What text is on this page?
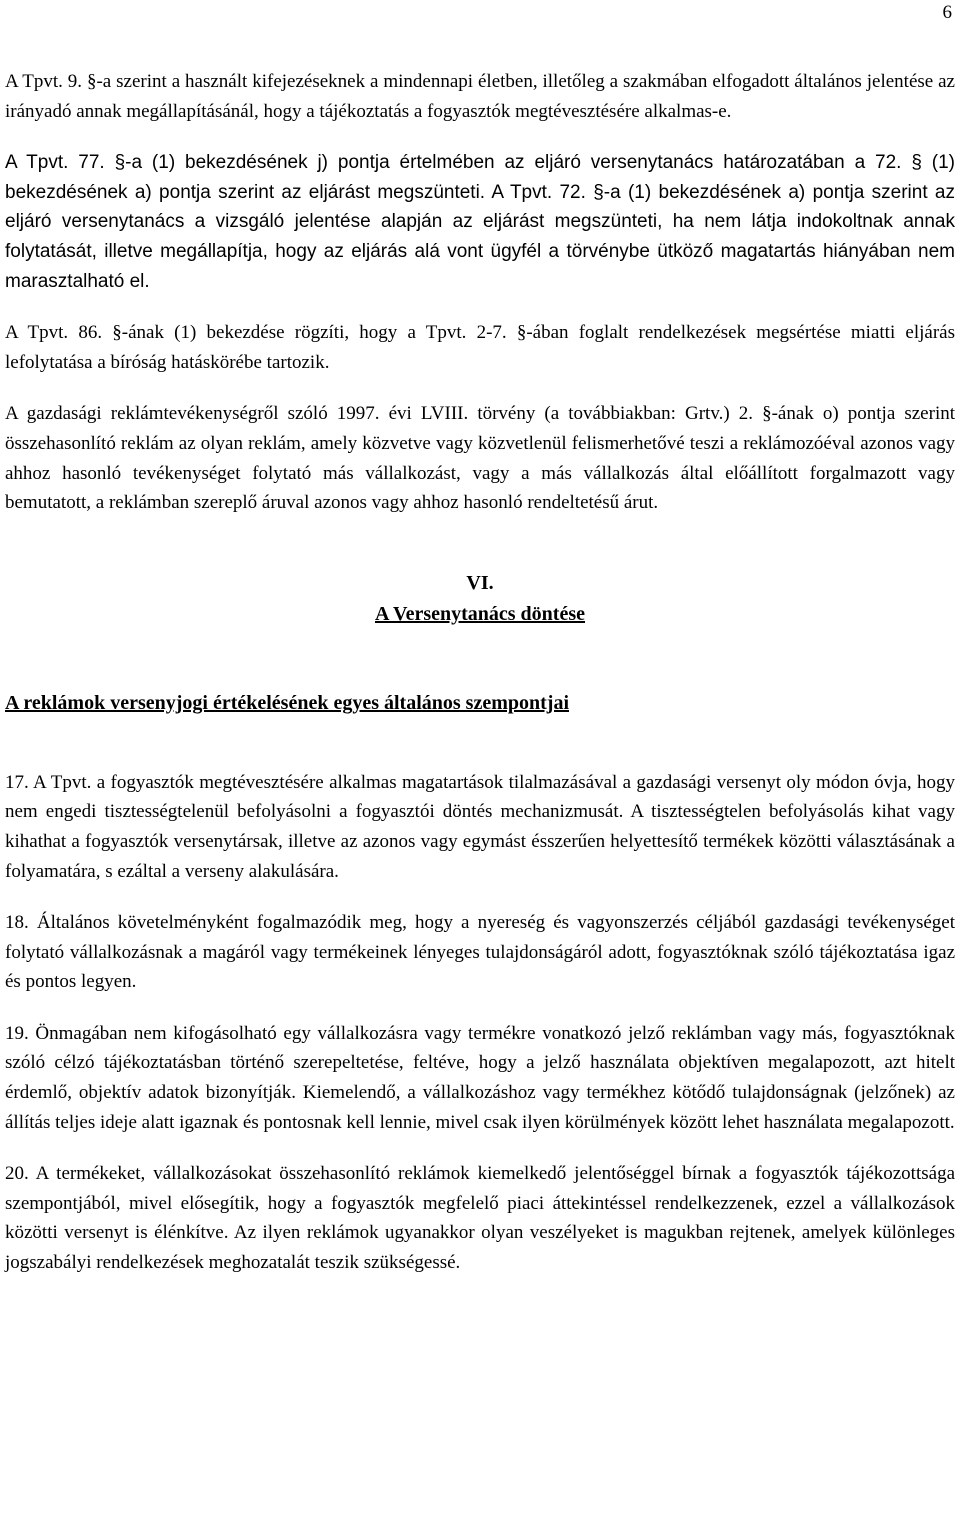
6

A Tpvt. 9. §-a szerint a használt kifejezéseknek a mindennapi életben, illetőleg a szakmában elfogadott általános jelentése az irányadó annak megállapításánál, hogy a tájékoztatás a fogyasztók megtévesztésére alkalmas-e.

A Tpvt. 77. §-a (1) bekezdésének j) pontja értelmében az eljáró versenytanács határozatában a 72. § (1) bekezdésének a) pontja szerint az eljárást megszünteti. A Tpvt. 72. §-a (1) bekezdésének a) pontja szerint az eljáró versenytanács a vizsgáló jelentése alapján az eljárást megszünteti, ha nem látja indokoltnak annak folytatását, illetve megállapítja, hogy az eljárás alá vont ügyfél a törvénybe ütköző magatartás hiányában nem marasztalható el.

A Tpvt. 86. §-ának (1) bekezdése rögzíti, hogy a Tpvt. 2-7. §-ában foglalt rendelkezések megsértése miatti eljárás lefolytatása a bíróság hatáskörébe tartozik.

A gazdasági reklámtevékenységről szóló 1997. évi LVIII. törvény (a továbbiakban: Grtv.) 2. §-ának o) pontja szerint összehasonlító reklám az olyan reklám, amely közvetve vagy közvetlenül felismerhetővé teszi a reklámozóéval azonos vagy ahhoz hasonló tevékenységet folytató más vállalkozást, vagy a más vállalkozás által előállított forgalmazott vagy bemutatott, a reklámban szereplő áruval azonos vagy ahhoz hasonló rendeltetésű árut.

VI.

A Versenytanács döntése

A reklámok versenyjogi értékelésének egyes általános szempontjai

17. A Tpvt. a fogyasztók megtévesztésére alkalmas magatartások tilalmazásával a gazdasági versenyt oly módon óvja, hogy nem engedi tisztességtelenül befolyásolni a fogyasztói döntés mechanizmusát. A tisztességtelen befolyásolás kihat vagy kihathat a fogyasztók versenytársak, illetve az azonos vagy egymást ésszerűen helyettesítő termékek közötti választásának a folyamatára, s ezáltal a verseny alakulására.

18. Általános követelményként fogalmazódik meg, hogy a nyereség és vagyonszerzés céljából gazdasági tevékenységet folytató vállalkozásnak a magáról vagy termékeinek lényeges tulajdonságáról adott, fogyasztóknak szóló tájékoztatása igaz és pontos legyen.

19. Önmagában nem kifogásolható egy vállalkozásra vagy termékre vonatkozó jelző reklámban vagy más, fogyasztóknak szóló célzó tájékoztatásban történő szerepeltetése, feltéve, hogy a jelző használata objektíven megalapozott, azt hitelt érdemlő, objektív adatok bizonyítják. Kiemelendő, a vállalkozáshoz vagy termékhez kötődő tulajdonságnak (jelzőnek) az állítás teljes ideje alatt igaznak és pontosnak kell lennie, mivel csak ilyen körülmények között lehet használata megalapozott.

20. A termékeket, vállalkozásokat összehasonlító reklámok kiemelkedő jelentőséggel bírnak a fogyasztók tájékozottsága szempontjából, mivel elősegítik, hogy a fogyasztók megfelelő piaci áttekintéssel rendelkezzenek, ezzel a vállalkozások közötti versenyt is élénkítve. Az ilyen reklámok ugyanakkor olyan veszélyeket is magukban rejtenek, amelyek különleges jogszabályi rendelkezések meghozatalát teszik szükségessé.
